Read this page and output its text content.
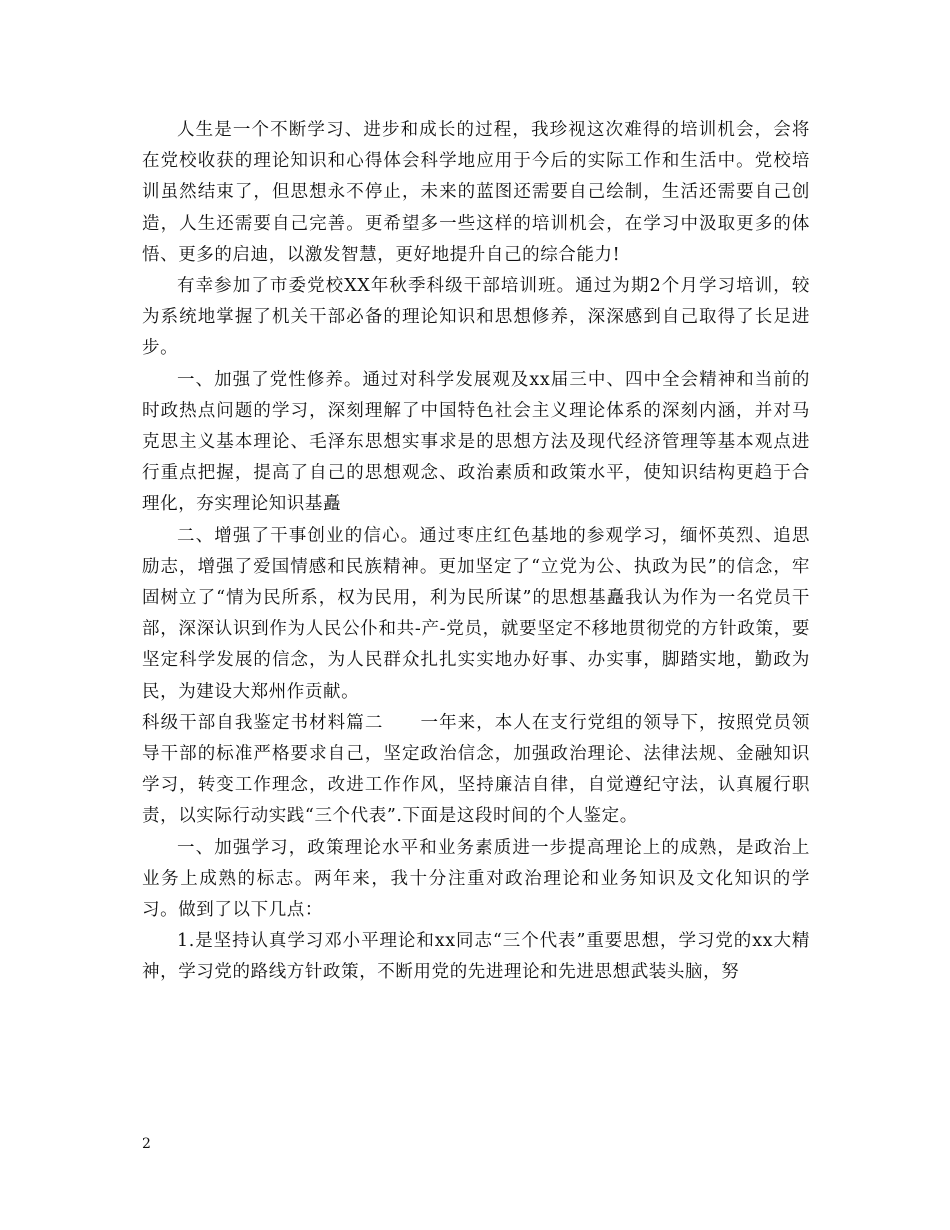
人生是一个不断学习、进步和成长的过程，我珍视这次难得的培训机会，会将在党校收获的理论知识和心得体会科学地应用于今后的实际工作和生活中。党校培训虽然结束了，但思想永不停止，未来的蓝图还需要自己绘制，生活还需要自己创造，人生还需要自己完善。更希望多一些这样的培训机会，在学习中汲取更多的体悟、更多的启迪，以激发智慧，更好地提升自己的综合能力!

有幸参加了市委党校XX年秋季科级干部培训班。通过为期2个月学习培训，较为系统地掌握了机关干部必备的理论知识和思想修养，深深感到自己取得了长足进步。

一、加强了党性修养。通过对科学发展观及xx届三中、四中全会精神和当前的时政热点问题的学习，深刻理解了中国特色社会主义理论体系的深刻内涵，并对马克思主义基本理论、毛泽东思想实事求是的思想方法及现代经济管理等基本观点进行重点把握，提高了自己的思想观念、政治素质和政策水平，使知识结构更趋于合理化，夯实理论知识基矗

二、增强了干事创业的信心。通过枣庄红色基地的参观学习，缅怀英烈、追思励志，增强了爱国情感和民族精神。更加坚定了“立党为公、执政为民”的信念，牢固树立了“情为民所系，权为民用，利为民所谋”的思想基矗我认为作为一名党员干部，深深认识到作为人民公仆和共-产-党员，就要坚定不移地贯彻党的方针政策，要坚定科学发展的信念，为人民群众扎扎实实地办好事、办实事，脚踏实地，勤政为民，为建设大郑州作贡献。

科级干部自我鉴定书材料篇二　　一年来，本人在支行党组的领导下，按照党员领导干部的标准严格要求自己，坚定政治信念，加强政治理论、法律法规、金融知识学习，转变工作理念，改进工作作风，坚持廉洁自律，自觉遵纪守法，认真履行职责，以实际行动实践“三个代表”.下面是这段时间的个人鉴定。

一、加强学习，政策理论水平和业务素质进一步提高理论上的成熟，是政治上业务上成熟的标志。两年来，我十分注重对政治理论和业务知识及文化知识的学习。做到了以下几点：

1.是坚持认真学习邓小平理论和xx同志“三个代表”重要思想，学习党的xx大精神，学习党的路线方针政策，不断用党的先进理论和先进思想武装头脑，努

2
